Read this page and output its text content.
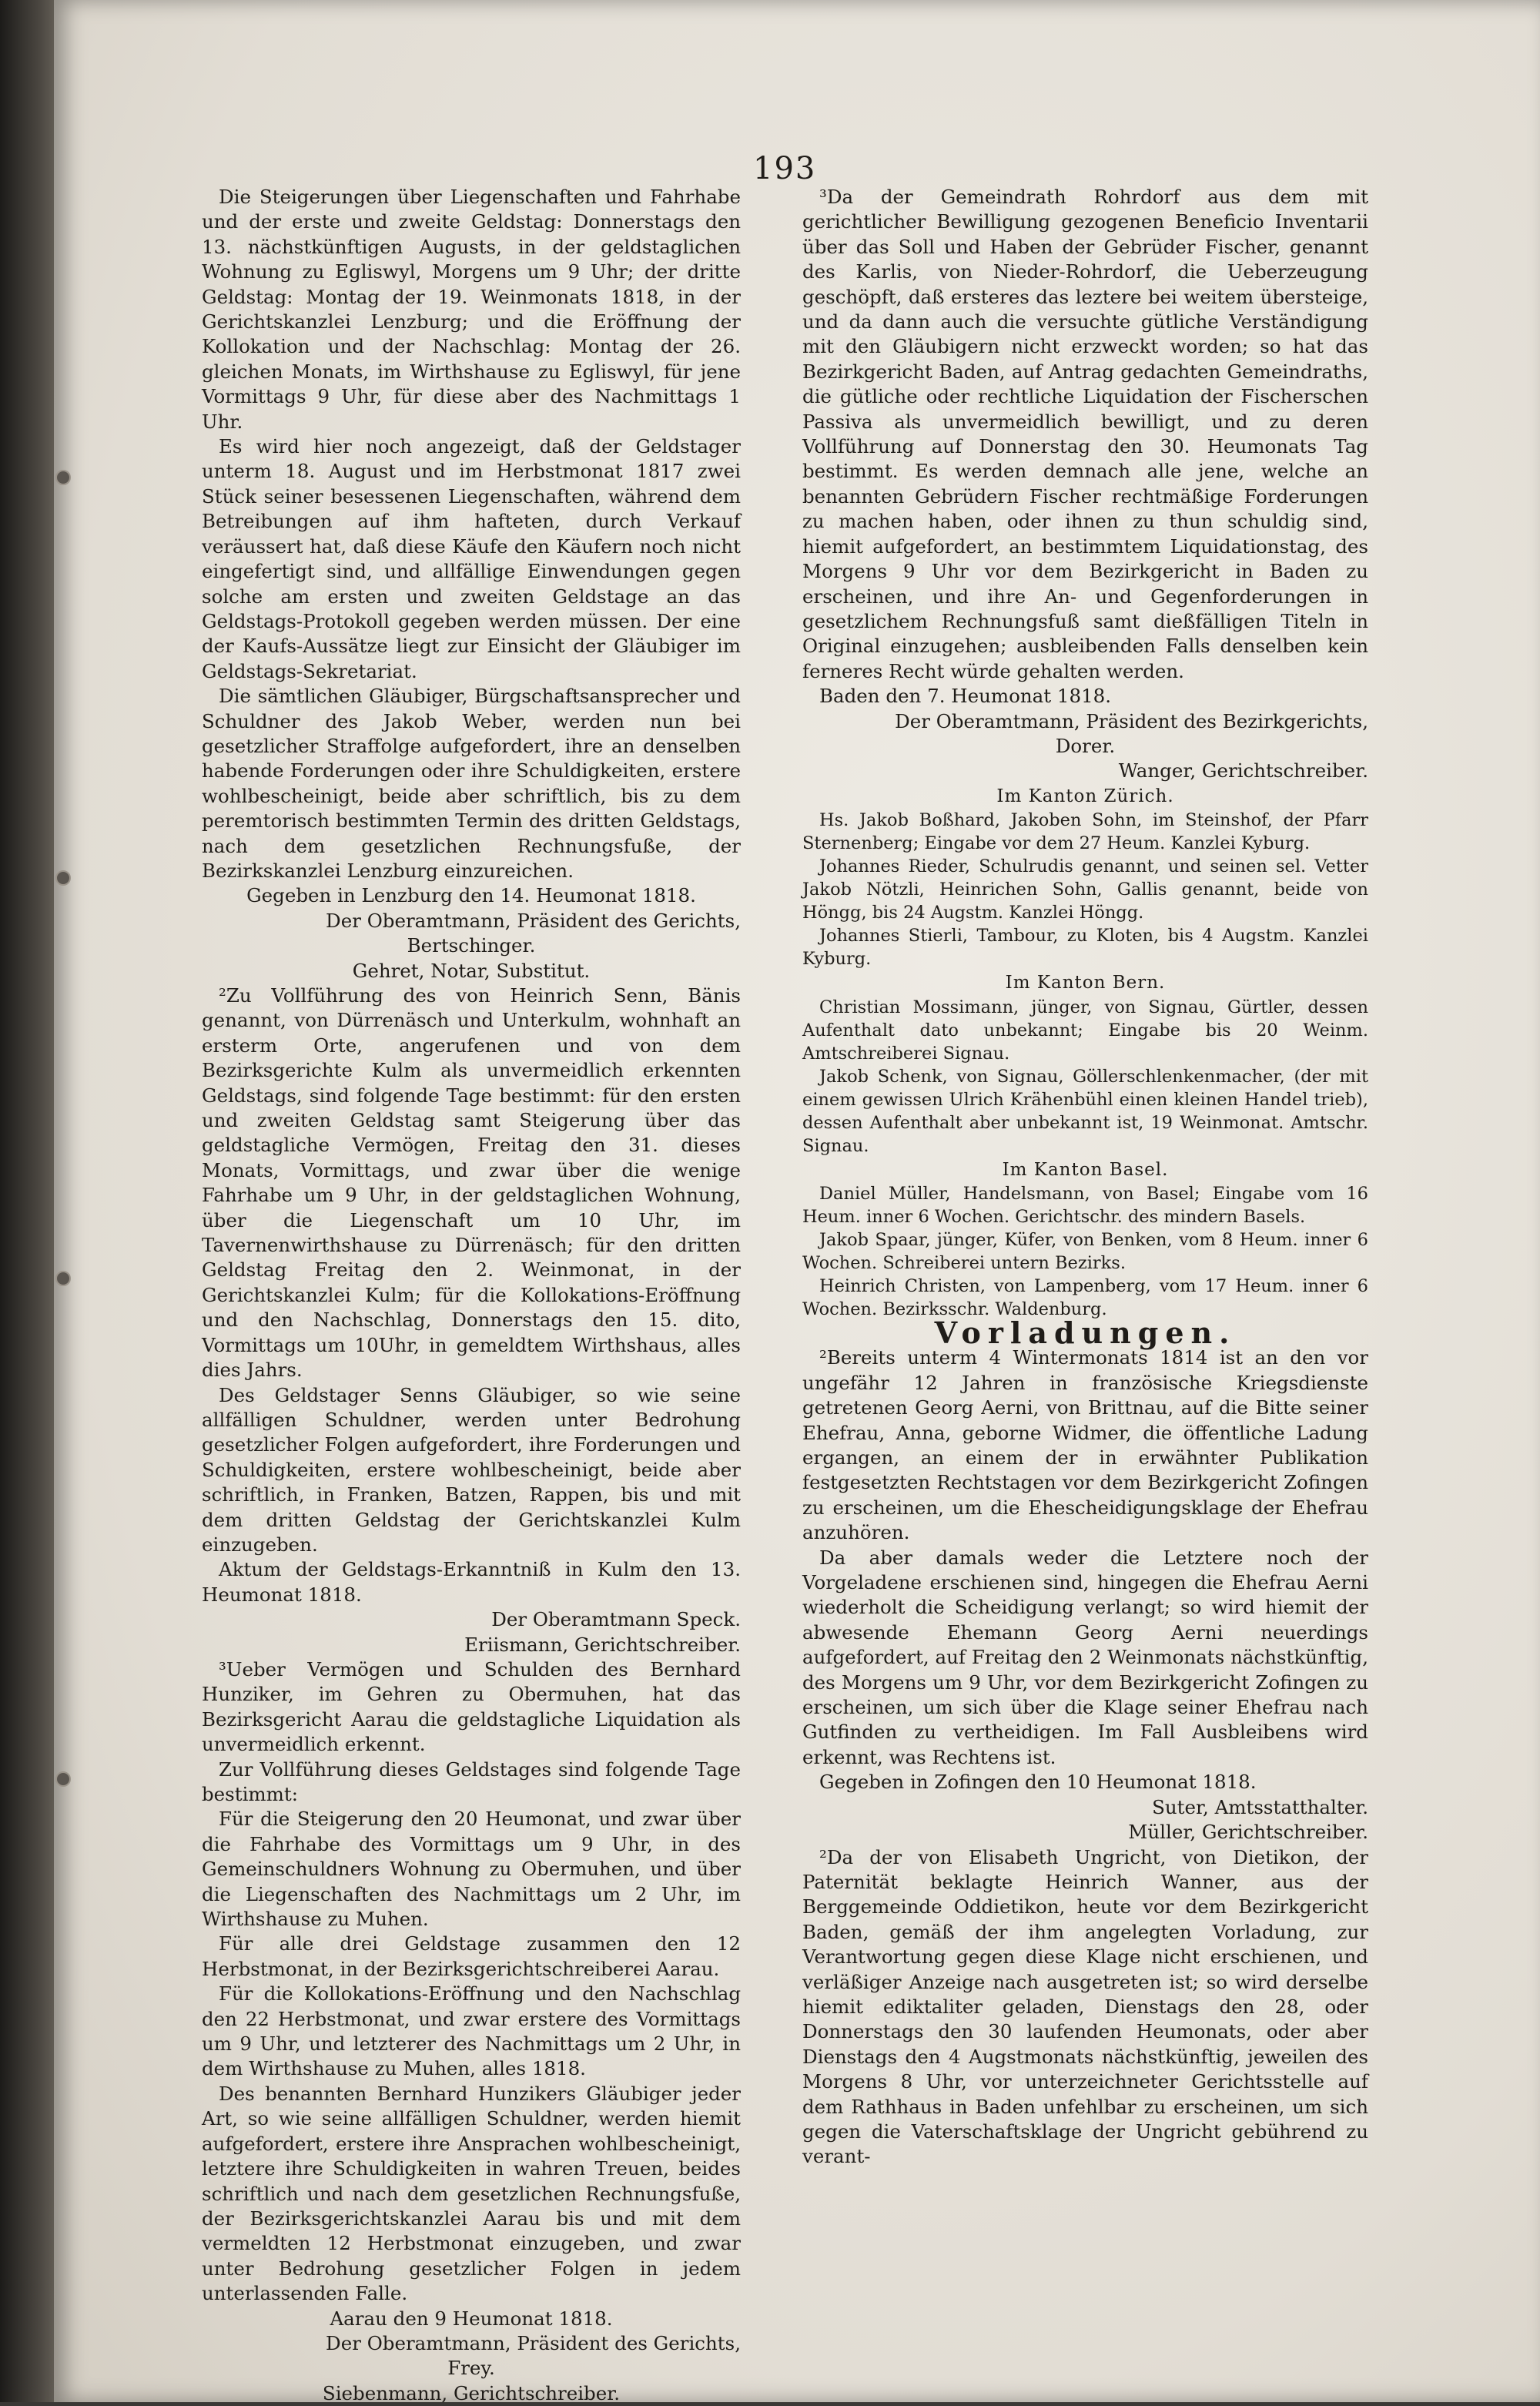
193

Die Steigerungen über Liegenschaften und Fahrhabe und der erste und zweite Geldstag: Donnerstags den 13. nächstkünftigen Augusts, in der geldstaglichen Wohnung zu Egliswyl, Morgens um 9 Uhr; der dritte Geldstag: Montag der 19. Weinmonats 1818, in der Gerichtskanzlei Lenzburg; und die Eröffnung der Kollokation und der Nachschlag: Montag der 26. gleichen Monats, im Wirthshause zu Egliswyl, für jene Vormittags 9 Uhr, für diese aber des Nachmittags 1 Uhr.

Es wird hier noch angezeigt, daß der Geldstager unterm 18. August und im Herbstmonat 1817 zwei Stück seiner besessenen Liegenschaften, während dem Betreibungen auf ihm hafteten, durch Verkauf veräussert hat, daß diese Käufe den Käufern noch nicht eingefertigt sind, und allfällige Einwendungen gegen solche am ersten und zweiten Geldstage an das Geldstags-Protokoll gegeben werden müssen. Der eine der Kaufs-Aussätze liegt zur Einsicht der Gläubiger im Geldstags-Sekretariat.

Die sämtlichen Gläubiger, Bürgschaftsansprecher und Schuldner des Jakob Weber, werden nun bei gesetzlicher Straffolge aufgefordert, ihre an denselben habende Forderungen oder ihre Schuldigkeiten, erstere wohlbescheinigt, beide aber schriftlich, bis zu dem peremtorisch bestimmten Termin des dritten Geldstags, nach dem gesetzlichen Rechnungsfuße, der Bezirkskanzlei Lenzburg einzureichen.

Gegeben in Lenzburg den 14. Heumonat 1818.

Der Oberamtmann, Präsident des Gerichts,

Bertschinger.

Gehret, Notar, Substitut.

²Zu Vollführung des von Heinrich Senn, Bänis genannt, von Dürrenäsch und Unterkulm, wohnhaft an ersterm Orte, angerufenen und von dem Bezirksgerichte Kulm als unvermeidlich erkennten Geldstags, sind folgende Tage bestimmt: für den ersten und zweiten Geldstag samt Steigerung über das geldstagliche Vermögen, Freitag den 31. dieses Monats, Vormittags, und zwar über die wenige Fahrhabe um 9 Uhr, in der geldstaglichen Wohnung, über die Liegenschaft um 10 Uhr, im Tavernenwirthshause zu Dürrenäsch; für den dritten Geldstag Freitag den 2. Weinmonat, in der Gerichtskanzlei Kulm; für die Kollokations-Eröffnung und den Nachschlag, Donnerstags den 15. dito, Vormittags um 10Uhr, in gemeldtem Wirthshaus, alles dies Jahrs.

Des Geldstager Senns Gläubiger, so wie seine allfälligen Schuldner, werden unter Bedrohung gesetzlicher Folgen aufgefordert, ihre Forderungen und Schuldigkeiten, erstere wohlbescheinigt, beide aber schriftlich, in Franken, Batzen, Rappen, bis und mit dem dritten Geldstag der Gerichtskanzlei Kulm einzugeben.

Aktum der Geldstags-Erkanntniß in Kulm den 13. Heumonat 1818.

Der Oberamtmann Speck.

Eriismann, Gerichtschreiber.

³Ueber Vermögen und Schulden des Bernhard Hunziker, im Gehren zu Obermuhen, hat das Bezirksgericht Aarau die geldstagliche Liquidation als unvermeidlich erkennt.

Zur Vollführung dieses Geldstages sind folgende Tage bestimmt:

Für die Steigerung den 20 Heumonat, und zwar über die Fahrhabe des Vormittags um 9 Uhr, in des Gemeinschuldners Wohnung zu Obermuhen, und über die Liegenschaften des Nachmittags um 2 Uhr, im Wirthshause zu Muhen.

Für alle drei Geldstage zusammen den 12 Herbstmonat, in der Bezirksgerichtschreiberei Aarau.

Für die Kollokations-Eröffnung und den Nachschlag den 22 Herbstmonat, und zwar erstere des Vormittags um 9 Uhr, und letzterer des Nachmittags um 2 Uhr, in dem Wirthshause zu Muhen, alles 1818.

Des benannten Bernhard Hunzikers Gläubiger jeder Art, so wie seine allfälligen Schuldner, werden hiemit aufgefordert, erstere ihre Ansprachen wohlbescheinigt, letztere ihre Schuldigkeiten in wahren Treuen, beides schriftlich und nach dem gesetzlichen Rechnungsfuße, der Bezirksgerichtskanzlei Aarau bis und mit dem vermeldten 12 Herbstmonat einzugeben, und zwar unter Bedrohung gesetzlicher Folgen in jedem unterlassenden Falle.

Aarau den 9 Heumonat 1818.

Der Oberamtmann, Präsident des Gerichts,

Frey.

Siebenmann, Gerichtschreiber.

³Da der Gemeindrath Rohrdorf aus dem mit gerichtlicher Bewilligung gezogenen Beneficio Inventarii über das Soll und Haben der Gebrüder Fischer, genannt des Karlis, von Nieder-Rohrdorf, die Ueberzeugung geschöpft, daß ersteres das leztere bei weitem übersteige, und da dann auch die versuchte gütliche Verständigung mit den Gläubigern nicht erzweckt worden; so hat das Bezirkgericht Baden, auf Antrag gedachten Gemeindraths, die gütliche oder rechtliche Liquidation der Fischerschen Passiva als unvermeidlich bewilligt, und zu deren Vollführung auf Donnerstag den 30. Heumonats Tag bestimmt. Es werden demnach alle jene, welche an benannten Gebrüdern Fischer rechtmäßige Forderungen zu machen haben, oder ihnen zu thun schuldig sind, hiemit aufgefordert, an bestimmtem Liquidationstag, des Morgens 9 Uhr vor dem Bezirkgericht in Baden zu erscheinen, und ihre An- und Gegenforderungen in gesetzlichem Rechnungsfuß samt dießfälligen Titeln in Original einzugehen; ausbleibenden Falls denselben kein ferneres Recht würde gehalten werden.

Baden den 7. Heumonat 1818.

Der Oberamtmann, Präsident des Bezirkgerichts,

Dorer.

Wanger, Gerichtschreiber.

Im Kanton Zürich.

Hs. Jakob Boßhard, Jakoben Sohn, im Steinshof, der Pfarr Sternenberg; Eingabe vor dem 27 Heum. Kanzlei Kyburg.

Johannes Rieder, Schulrudis genannt, und seinen sel. Vetter Jakob Nötzli, Heinrichen Sohn, Gallis genannt, beide von Höngg, bis 24 Augstm. Kanzlei Höngg.

Johannes Stierli, Tambour, zu Kloten, bis 4 Augstm. Kanzlei Kyburg.

Im Kanton Bern.

Christian Mossimann, jünger, von Signau, Gürtler, dessen Aufenthalt dato unbekannt; Eingabe bis 20 Weinm. Amtschreiberei Signau.

Jakob Schenk, von Signau, Göllerschlenkenmacher, (der mit einem gewissen Ulrich Krähenbühl einen kleinen Handel trieb), dessen Aufenthalt aber unbekannt ist, 19 Weinmonat. Amtschr. Signau.

Im Kanton Basel.

Daniel Müller, Handelsmann, von Basel; Eingabe vom 16 Heum. inner 6 Wochen. Gerichtschr. des mindern Basels.

Jakob Spaar, jünger, Küfer, von Benken, vom 8 Heum. inner 6 Wochen. Schreiberei untern Bezirks.

Heinrich Christen, von Lampenberg, vom 17 Heum. inner 6 Wochen. Bezirksschr. Waldenburg.

Vorladungen.

²Bereits unterm 4 Wintermonats 1814 ist an den vor ungefähr 12 Jahren in französische Kriegsdienste getretenen Georg Aerni, von Brittnau, auf die Bitte seiner Ehefrau, Anna, geborne Widmer, die öffentliche Ladung ergangen, an einem der in erwähnter Publikation festgesetzten Rechtstagen vor dem Bezirkgericht Zofingen zu erscheinen, um die Ehescheidigungsklage der Ehefrau anzuhören.

Da aber damals weder die Letztere noch der Vorgeladene erschienen sind, hingegen die Ehefrau Aerni wiederholt die Scheidigung verlangt; so wird hiemit der abwesende Ehemann Georg Aerni neuerdings aufgefordert, auf Freitag den 2 Weinmonats nächstkünftig, des Morgens um 9 Uhr, vor dem Bezirkgericht Zofingen zu erscheinen, um sich über die Klage seiner Ehefrau nach Gutfinden zu vertheidigen. Im Fall Ausbleibens wird erkennt, was Rechtens ist.

Gegeben in Zofingen den 10 Heumonat 1818.

Suter, Amtsstatthalter.

Müller, Gerichtschreiber.

²Da der von Elisabeth Ungricht, von Dietikon, der Paternität beklagte Heinrich Wanner, aus der Berggemeinde Oddietikon, heute vor dem Bezirkgericht Baden, gemäß der ihm angelegten Vorladung, zur Verantwortung gegen diese Klage nicht erschienen, und verläßiger Anzeige nach ausgetreten ist; so wird derselbe hiemit ediktaliter geladen, Dienstags den 28, oder Donnerstags den 30 laufenden Heumonats, oder aber Dienstags den 4 Augstmonats nächstkünftig, jeweilen des Morgens 8 Uhr, vor unterzeichneter Gerichtsstelle auf dem Rathhaus in Baden unfehlbar zu erscheinen, um sich gegen die Vaterschaftsklage der Ungricht gebührend zu verant-
